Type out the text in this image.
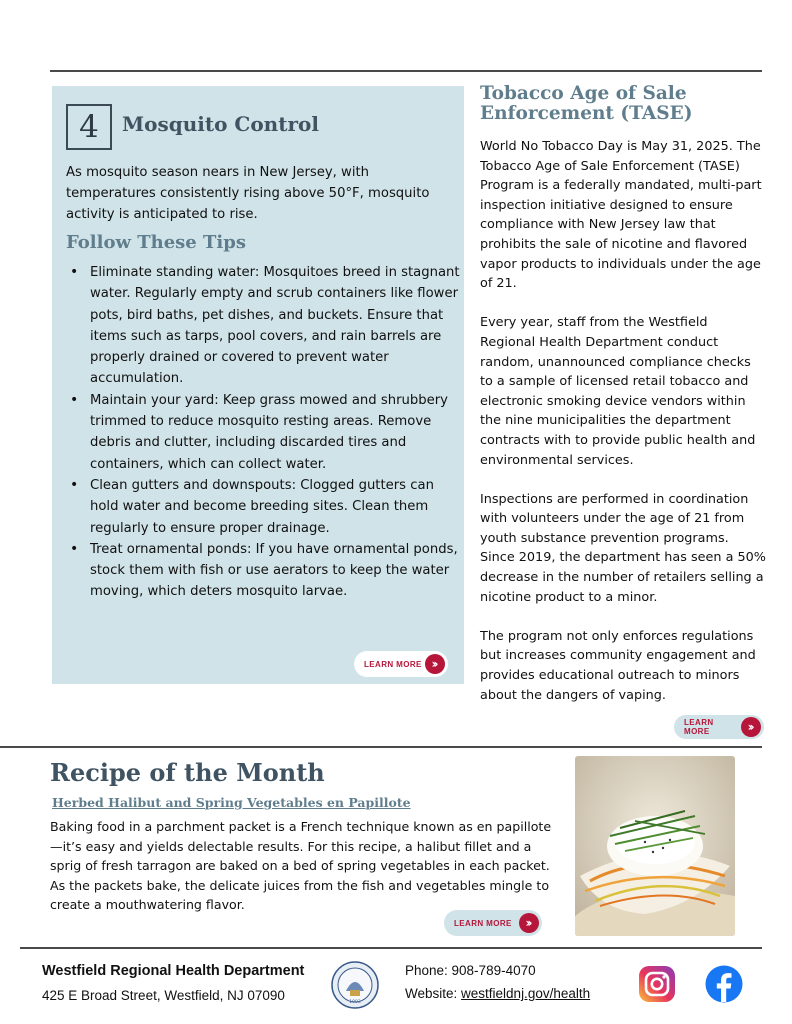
4	Mosquito Control

As mosquito season nears in New Jersey, with temperatures consistently rising above 50°F, mosquito activity is anticipated to rise.

Follow These Tips
• Eliminate standing water: Mosquitoes breed in stagnant water. Regularly empty and scrub containers like flower pots, bird baths, pet dishes, and buckets. Ensure that items such as tarps, pool covers, and rain barrels are properly drained or covered to prevent water accumulation.
• Maintain your yard: Keep grass mowed and shrubbery trimmed to reduce mosquito resting areas. Remove debris and clutter, including discarded tires and containers, which can collect water.
• Clean gutters and downspouts: Clogged gutters can hold water and become breeding sites. Clean them regularly to ensure proper drainage.
• Treat ornamental ponds: If you have ornamental ponds, stock them with fish or use aerators to keep the water moving, which deters mosquito larvae.
LEARN MORE ››
Tobacco Age of Sale Enforcement (TASE)

World No Tobacco Day is May 31, 2025. The Tobacco Age of Sale Enforcement (TASE) Program is a federally mandated, multi-part inspection initiative designed to ensure compliance with New Jersey law that prohibits the sale of nicotine and flavored vapor products to individuals under the age of 21.

Every year, staff from the Westfield Regional Health Department conduct random, unannounced compliance checks to a sample of licensed retail tobacco and electronic smoking device vendors within the nine municipalities the department contracts with to provide public health and environmental services.

Inspections are performed in coordination with volunteers under the age of 21 from youth substance prevention programs. Since 2019, the department has seen a 50% decrease in the number of retailers selling a nicotine product to a minor.

The program not only enforces regulations but increases community engagement and provides educational outreach to minors about the dangers of vaping.

LEARN MORE	››
Recipe of the Month
Herbed Halibut and Spring Vegetables en Papillote

Baking food in a parchment packet is a French technique known as en papillote—it’s easy and yields delectable results. For this recipe, a halibut fillet and a sprig of fresh tarragon are baked on a bed of spring vegetables in each packet. As the packets bake, the delicate juices from the fish and vegetables mingle to create a mouthwatering flavor.

LEARN MORE	››
Westfield Regional Health Department
425 E Broad Street, Westfield, NJ 07090	1903
Phone: 908-789-4070
Website: westfieldnj.gov/health
